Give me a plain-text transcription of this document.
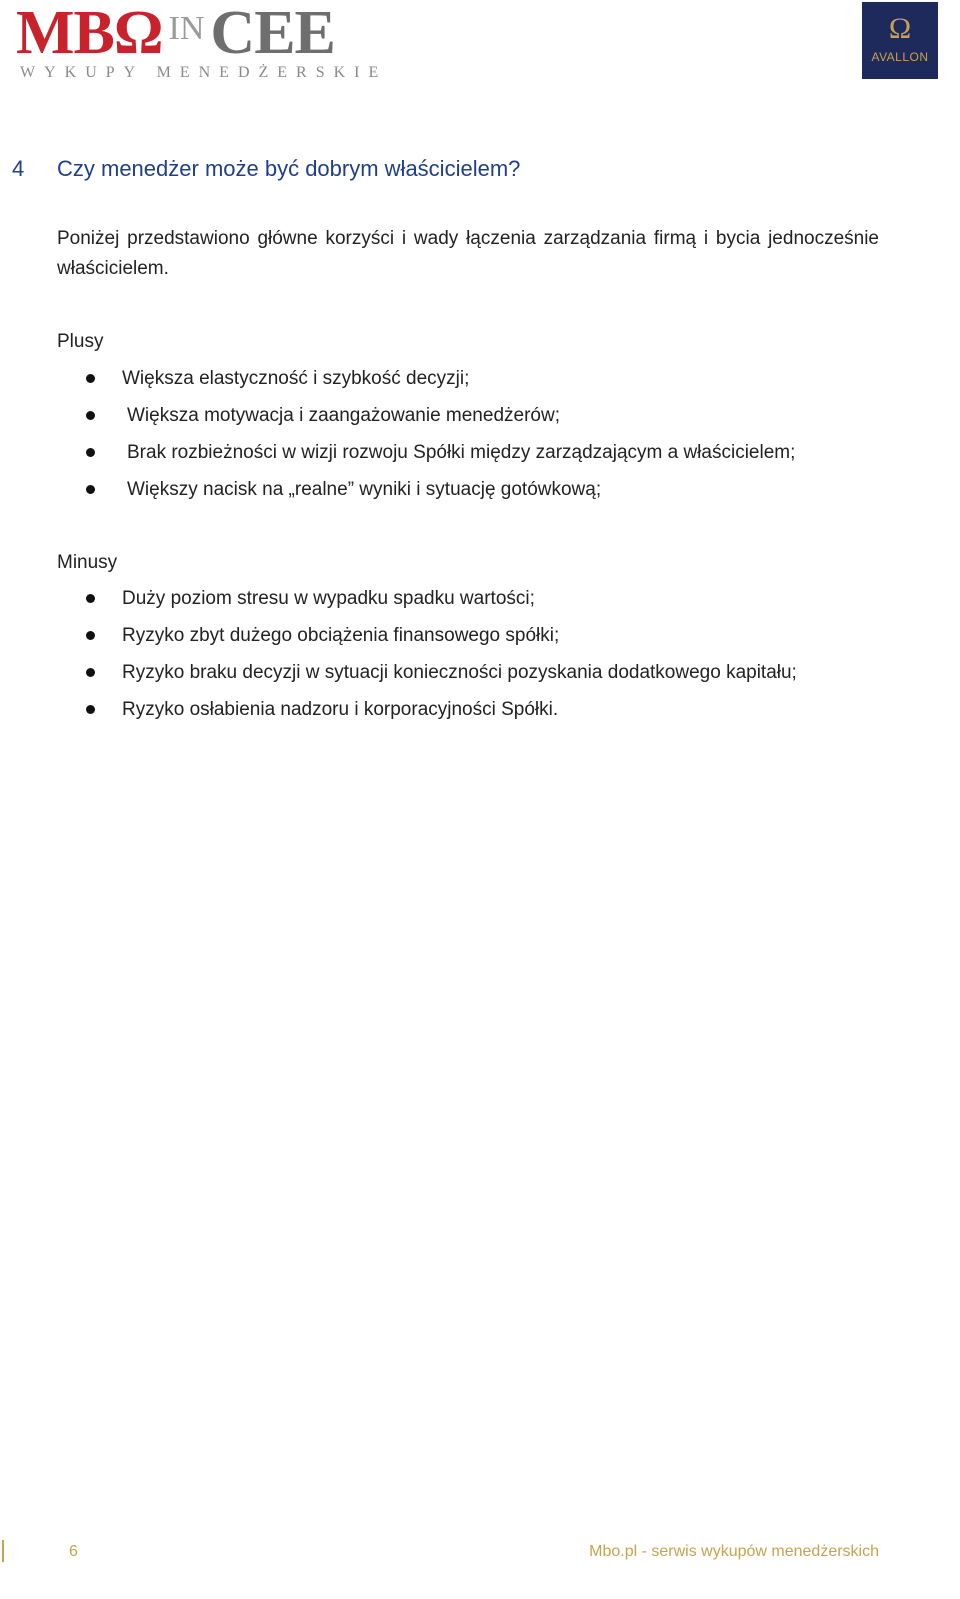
MBΩ INCEE
WYKUPY MENEDŻERSKIE
Ω
AVALLON
4 Czy menedżer może być dobrym właścicielem?
Poniżej przedstawiono główne korzyści i wady łączenia zarządzania firmą i bycia jednocześnie właścicielem.
Plusy
Większa elastyczność i szybkość decyzji;
Większa motywacja i zaangażowanie menedżerów;
Brak rozbieżności w wizji rozwoju Spółki między zarządzającym a właścicielem;
Większy nacisk na „realne” wyniki i sytuację gotówkową;
Minusy
Duży poziom stresu w wypadku spadku wartości;
Ryzyko zbyt dużego obciążenia finansowego spółki;
Ryzyko braku decyzji w sytuacji konieczności pozyskania dodatkowego kapitału;
Ryzyko osłabienia nadzoru i korporacyjności Spółki.
6	Mbo.pl - serwis wykupów menedżerskich
